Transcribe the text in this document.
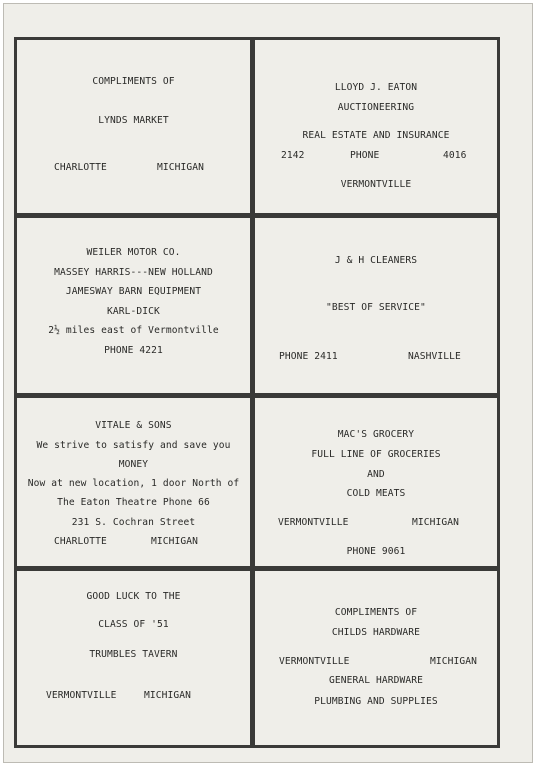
COMPLIMENTS OF
LYNDS MARKET
CHARLOTTE	MICHIGAN
LLOYD J. EATON
AUCTIONEERING
REAL ESTATE AND INSURANCE
2142	PHONE	4016
VERMONTVILLE
WEILER MOTOR CO.
MASSEY HARRIS---NEW HOLLAND
JAMESWAY BARN EQUIPMENT
KARL-DICK
2½ miles east of Vermontville
PHONE 4221
J & H CLEANERS
"BEST OF SERVICE"
PHONE 2411	NASHVILLE
VITALE & SONS
We strive to satisfy and save you
MONEY
Now at new location, 1 door North of
The Eaton Theatre Phone 66
231 S. Cochran Street
CHARLOTTE	MICHIGAN
MAC'S GROCERY
FULL LINE OF GROCERIES
AND
COLD MEATS
VERMONTVILLE	MICHIGAN
PHONE 9061
GOOD LUCK TO THE
CLASS OF '51
TRUMBLES TAVERN
VERMONTVILLE	MICHIGAN
COMPLIMENTS OF
CHILDS HARDWARE
VERMONTVILLE	MICHIGAN
GENERAL HARDWARE
PLUMBING AND SUPPLIES
